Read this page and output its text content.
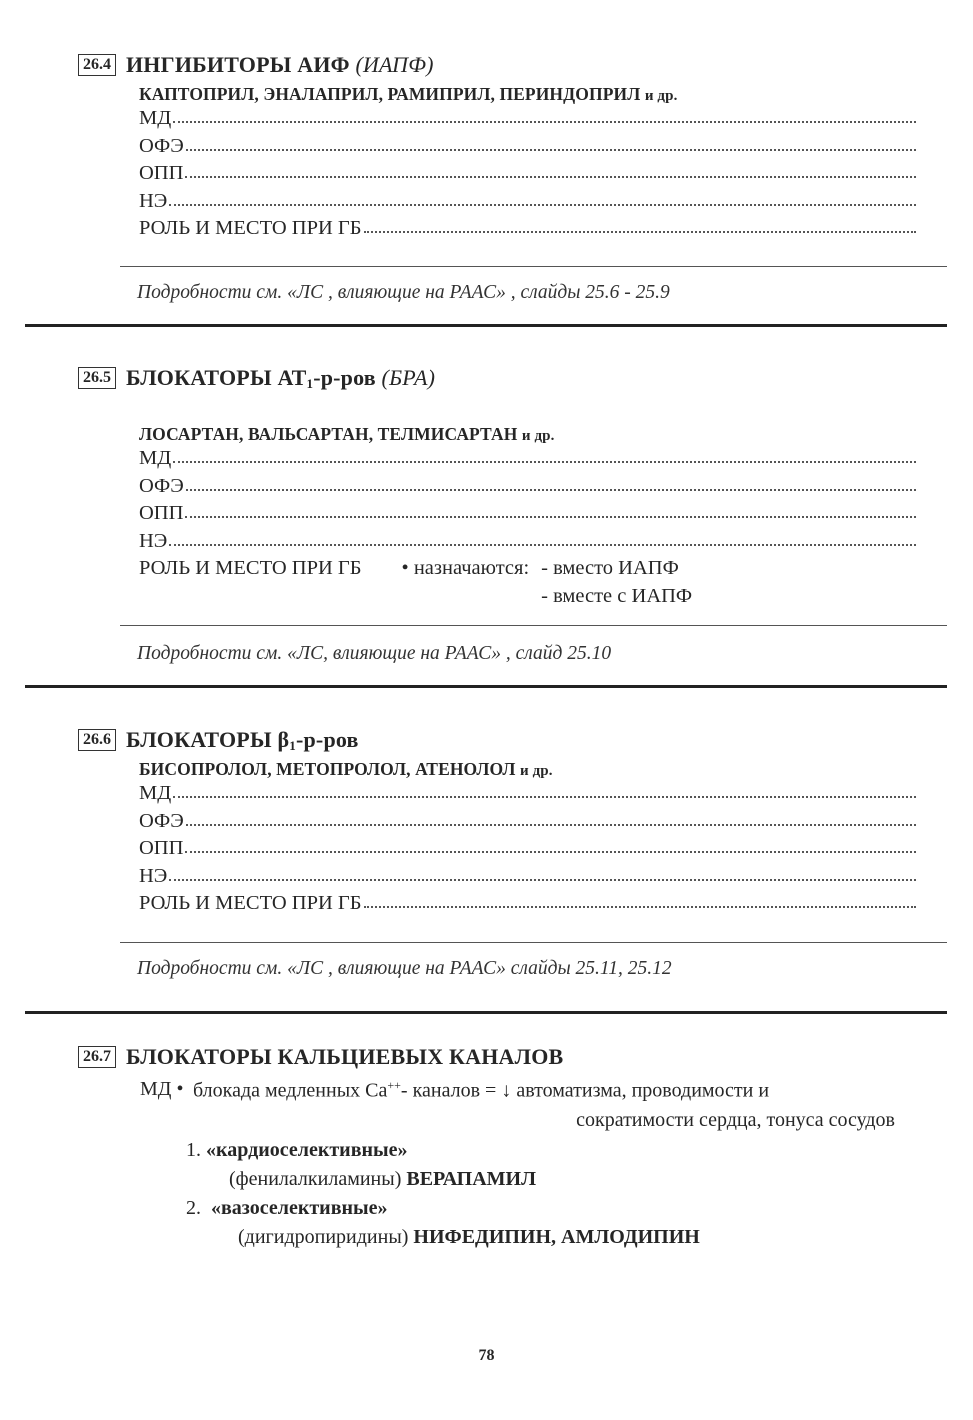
26.4 ИНГИБИТОРЫ АИФ (ИАПФ)
КАПТОПРИЛ, ЭНАЛАПРИЛ, РАМИПРИЛ, ПЕРИНДОПРИЛ и др.
МД
ОФЭ
ОПП
НЭ
РОЛЬ И МЕСТО ПРИ ГБ
Подробности см. «ЛС , влияющие на РААС» , слайды 25.6 - 25.9
26.5 БЛОКАТОРЫ $АТ_1-р$-ров (БРА)
ЛОСАРТАН, ВАЛЬСАРТАН, ТЕЛМИСАРТАН и др.
МД
ОФЭ
ОПП
НЭ
РОЛЬ И МЕСТО ПРИ ГБ • назначаются: - вместо ИАПФ
- вместе с ИАПФ
Подробности см. «ЛС, влияющие на РААС» , слайд 25.10
26.6 БЛОКАТОРЫ $\beta_1-р$-ров
БИСОПРОЛОЛ, МЕТОПРОЛОЛ, АТЕНОЛОЛ и др.
МД
ОФЭ
ОПП
НЭ
РОЛЬ И МЕСТО ПРИ ГБ
Подробности см. «ЛС , влияющие на РААС» слайды 25.11, 25.12
26.7 БЛОКАТОРЫ КАЛЬЦИЕВЫХ КАНАЛОВ
МД • блокада медленных Ca++- каналов = ↓ автоматизма, проводимости и
сократимости сердца, тонуса сосудов
1. «кардиоселективные»
(фенилалкиламины) ВЕРАПАМИЛ
2. «вазоселективные»
(дигидропиридины) НИФЕДИПИН, АМЛОДИПИН
78
